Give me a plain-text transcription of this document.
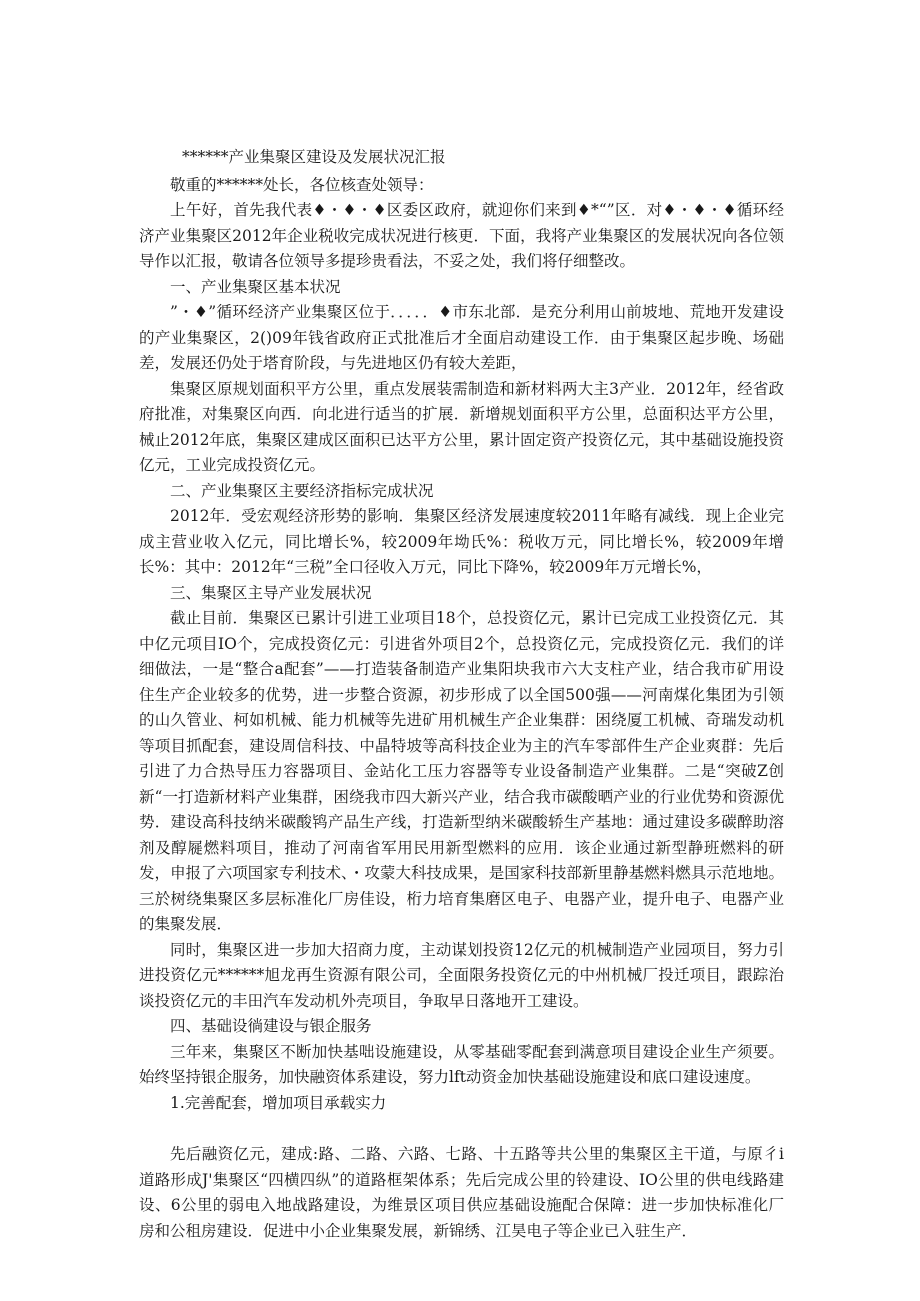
******产业集聚区建设及发展状况汇报

敬重的******处长，各位核查处领导：

上午好，首先我代表♦・♦・♦区委区政府，就迎你们来到♦*“”区．对♦・♦・♦循环经济产业集聚区2012年企业税收完成状况进行核更．下面，我将产业集聚区的发展状况向各位领导作以汇报，敬请各位领导多提珍贵看法，不妥之处，我们将仔细整改。

一、产业集聚区基本状况

”・♦”循环经济产业集聚区位于．．．．．♦市东北部．是充分利用山前坡地、荒地开发建设的产业集聚区，2()09年钱省政府正式批准后才全面启动建设工作．由于集聚区起步晚、场础差，发展还仍处于塔育阶段，与先进地区仍有较大差距，

集聚区原规划面积平方公里，重点发展装需制造和新材料两大主3产业．2012年，经省政府批准，对集聚区向西．向北进行适当的扩展．新增规划面积平方公里，总面积达平方公里，械止2012年底，集聚区建成区面积已达平方公里，累计固定资产投资亿元，其中基础设施投资亿元，工业完成投资亿元。

二、产业集聚区主要经济指标完成状况

2012年．受宏观经济形势的影响．集聚区经济发展速度较2011年略有减线．现上企业完成主营业收入亿元，同比增长%，较2009年坳氏%：税收万元，同比增长%，较2009年增长%：其中：2012年“三税”全口径收入万元，同比下降%，较2009年万元增长%，

三、集聚区主导产业发展状况

截止目前．集聚区已累计引进工业项目18个，总投资亿元，累计已完成工业投资亿元．其中亿元项目IO个，完成投资亿元：引进省外项目2个，总投资亿元，完成投资亿元．我们的详细做法，一是“整合a配套”——打造装备制造产业集阳块我市六大支柱产业，结合我市矿用设住生产企业较多的优势，进一步整合资源，初步形成了以全国500强——河南煤化集团为引领的山久管业、柯如机械、能力机械等先进矿用机械生产企业集群：困绕厦工机械、奇瑞发动机等项目抓配套，建设周信科技、中晶特坡等高科技企业为主的汽车零部件生产企业爽群：先后引进了力合热导压力容器项目、金站化工压力容器等专业设备制造产业集群。二是“突破Z创新“一打造新材料产业集群，困绕我市四大新兴产业，结合我市碳酸晒产业的行业优势和资源优势．建设高科技纳米碳酸鸨产品生产线，打造新型纳米碳酸轿生产基地：通过建设多碳醉助溶剂及醇屣燃料项目，推动了河南省军用民用新型燃料的应用．该企业通过新型静班燃料的研发，申报了六项国家专利技术、・攻蒙大科技成果，是国家科技部新里静基燃料燃具示范地地。三於树绕集聚区多层标准化厂房佳设，桁力培育集磨区电子、电器产业，提升电子、电器产业的集聚发展．

同时，集聚区进一步加大招商力度，主动谋划投资12亿元的机械制造产业园项目，努力引进投资亿元******旭龙再生资源有限公司，全面限务投资亿元的中州机械厂投迁项目，跟踪治谈投资亿元的丰田汽车发动机外壳项目，争取早日落地开工建设。

四、基础设徜建设与银企服务

三年来，集聚区不断加快基咄设施建设，从零基础零配套到满意项目建设企业生产须要。始终坚持银企服务，加快融资体系建设，努力lft动资金加快基础设施建设和底口建设速度。

1.完善配套，增加项目承载实力

先后融资亿元，建成:路、二路、六路、七路、十五路等共公里的集聚区主干道，与原彳i道路形成J'集聚区“四横四纵”的道路框架体系；先后完成公里的铃建设、IO公里的供电线路建设、6公里的弱电入地战路建设，为维景区项目供应基础设施配合保障：进一步加快标准化厂房和公租房建设．促进中小企业集聚发展，新锦绣、江昊电子等企业已入驻生产．
